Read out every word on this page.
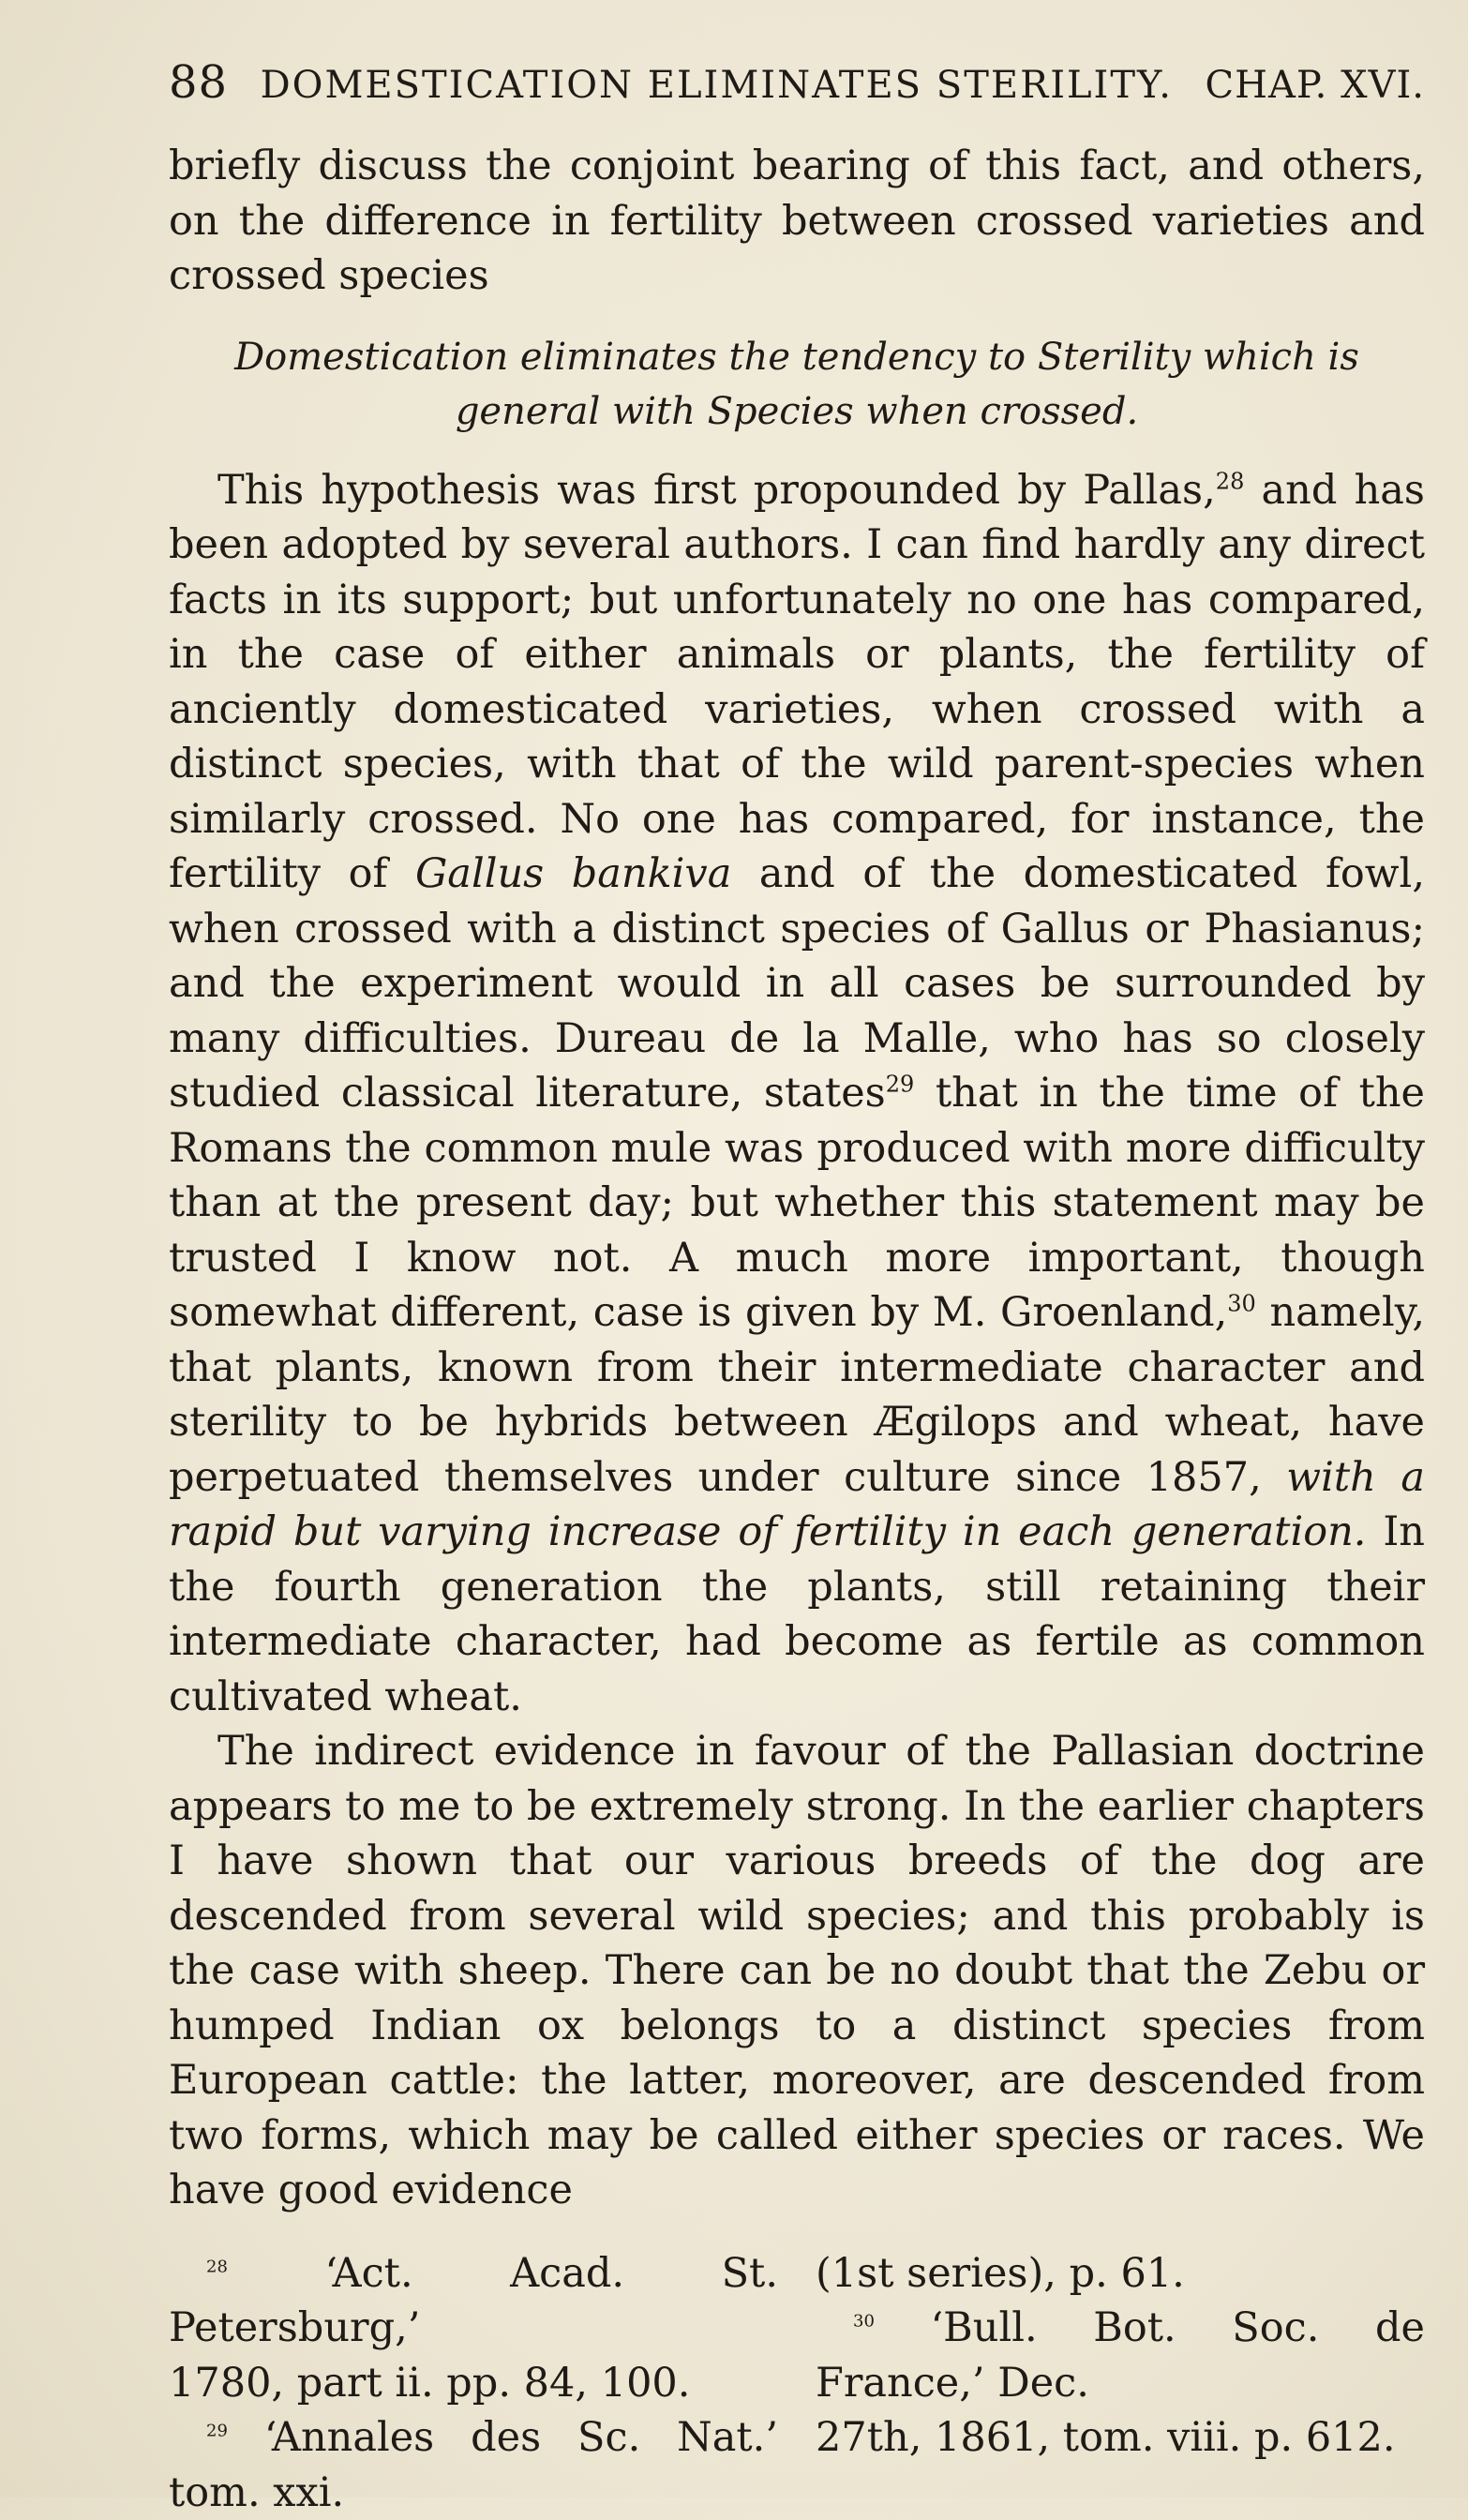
88 DOMESTICATION ELIMINATES STERILITY. CHAP. XVI.

briefly discuss the conjoint bearing of this fact, and others, on the difference in fertility between crossed varieties and crossed species

Domestication eliminates the tendency to Sterility which is general with Species when crossed.

This hypothesis was first propounded by Pallas,$^{28}$ and has been adopted by several authors. I can find hardly any direct facts in its support; but unfortunately no one has compared, in the case of either animals or plants, the fertility of anciently domesticated varieties, when crossed with a distinct species, with that of the wild parent-species when similarly crossed. No one has compared, for instance, the fertility of Gallus bankiva and of the domesticated fowl, when crossed with a distinct species of Gallus or Phasianus; and the experiment would in all cases be surrounded by many difficulties. Dureau de la Malle, who has so closely studied classical literature, states$^{29}$ that in the time of the Romans the common mule was produced with more difficulty than at the present day; but whether this statement may be trusted I know not. A much more important, though somewhat different, case is given by M. Groenland,$^{30}$ namely, that plants, known from their intermediate character and sterility to be hybrids between Ægilops and wheat, have perpetuated themselves under culture since 1857, with a rapid but varying increase of fertility in each generation. In the fourth generation the plants, still retaining their intermediate character, had become as fertile as common cultivated wheat.

The indirect evidence in favour of the Pallasian doctrine appears to me to be extremely strong. In the earlier chapters I have shown that our various breeds of the dog are descended from several wild species; and this probably is the case with sheep. There can be no doubt that the Zebu or humped Indian ox belongs to a distinct species from European cattle: the latter, moreover, are descended from two forms, which may be called either species or races. We have good evidence

$^{28}$ ‘Act. Acad. St. Petersburg,’

1780, part ii. pp. 84, 100.

$^{29}$ ‘Annales des Sc. Nat.’ tom. xxi.

(1st series), p. 61.

$^{30}$ ‘Bull. Bot. Soc. de France,’ Dec.

27th, 1861, tom. viii. p. 612.
